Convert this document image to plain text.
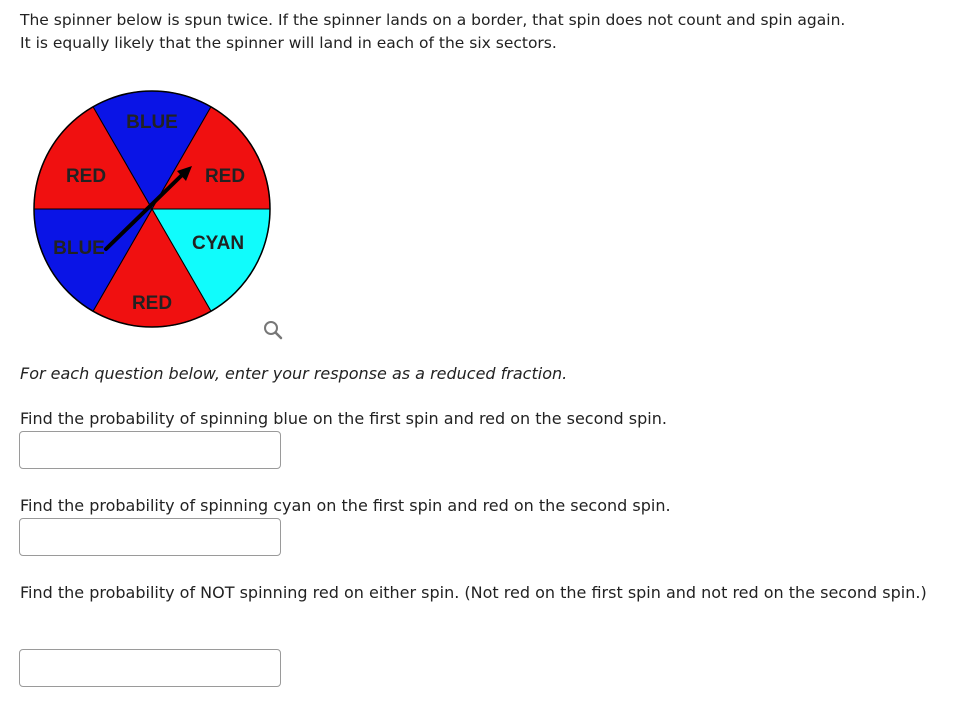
The spinner below is spun twice. If the spinner lands on a border, that spin does not count and spin again.

It is equally likely that the spinner will land in each of the six sectors.

BLUE
RED
CYAN
RED
BLUE
RED

For each question below, enter your response as a reduced fraction.

Find the probability of spinning blue on the first spin and red on the second spin.

Find the probability of spinning cyan on the first spin and red on the second spin.

Find the probability of NOT spinning red on either spin. (Not red on the first spin and not red on the second spin.)
